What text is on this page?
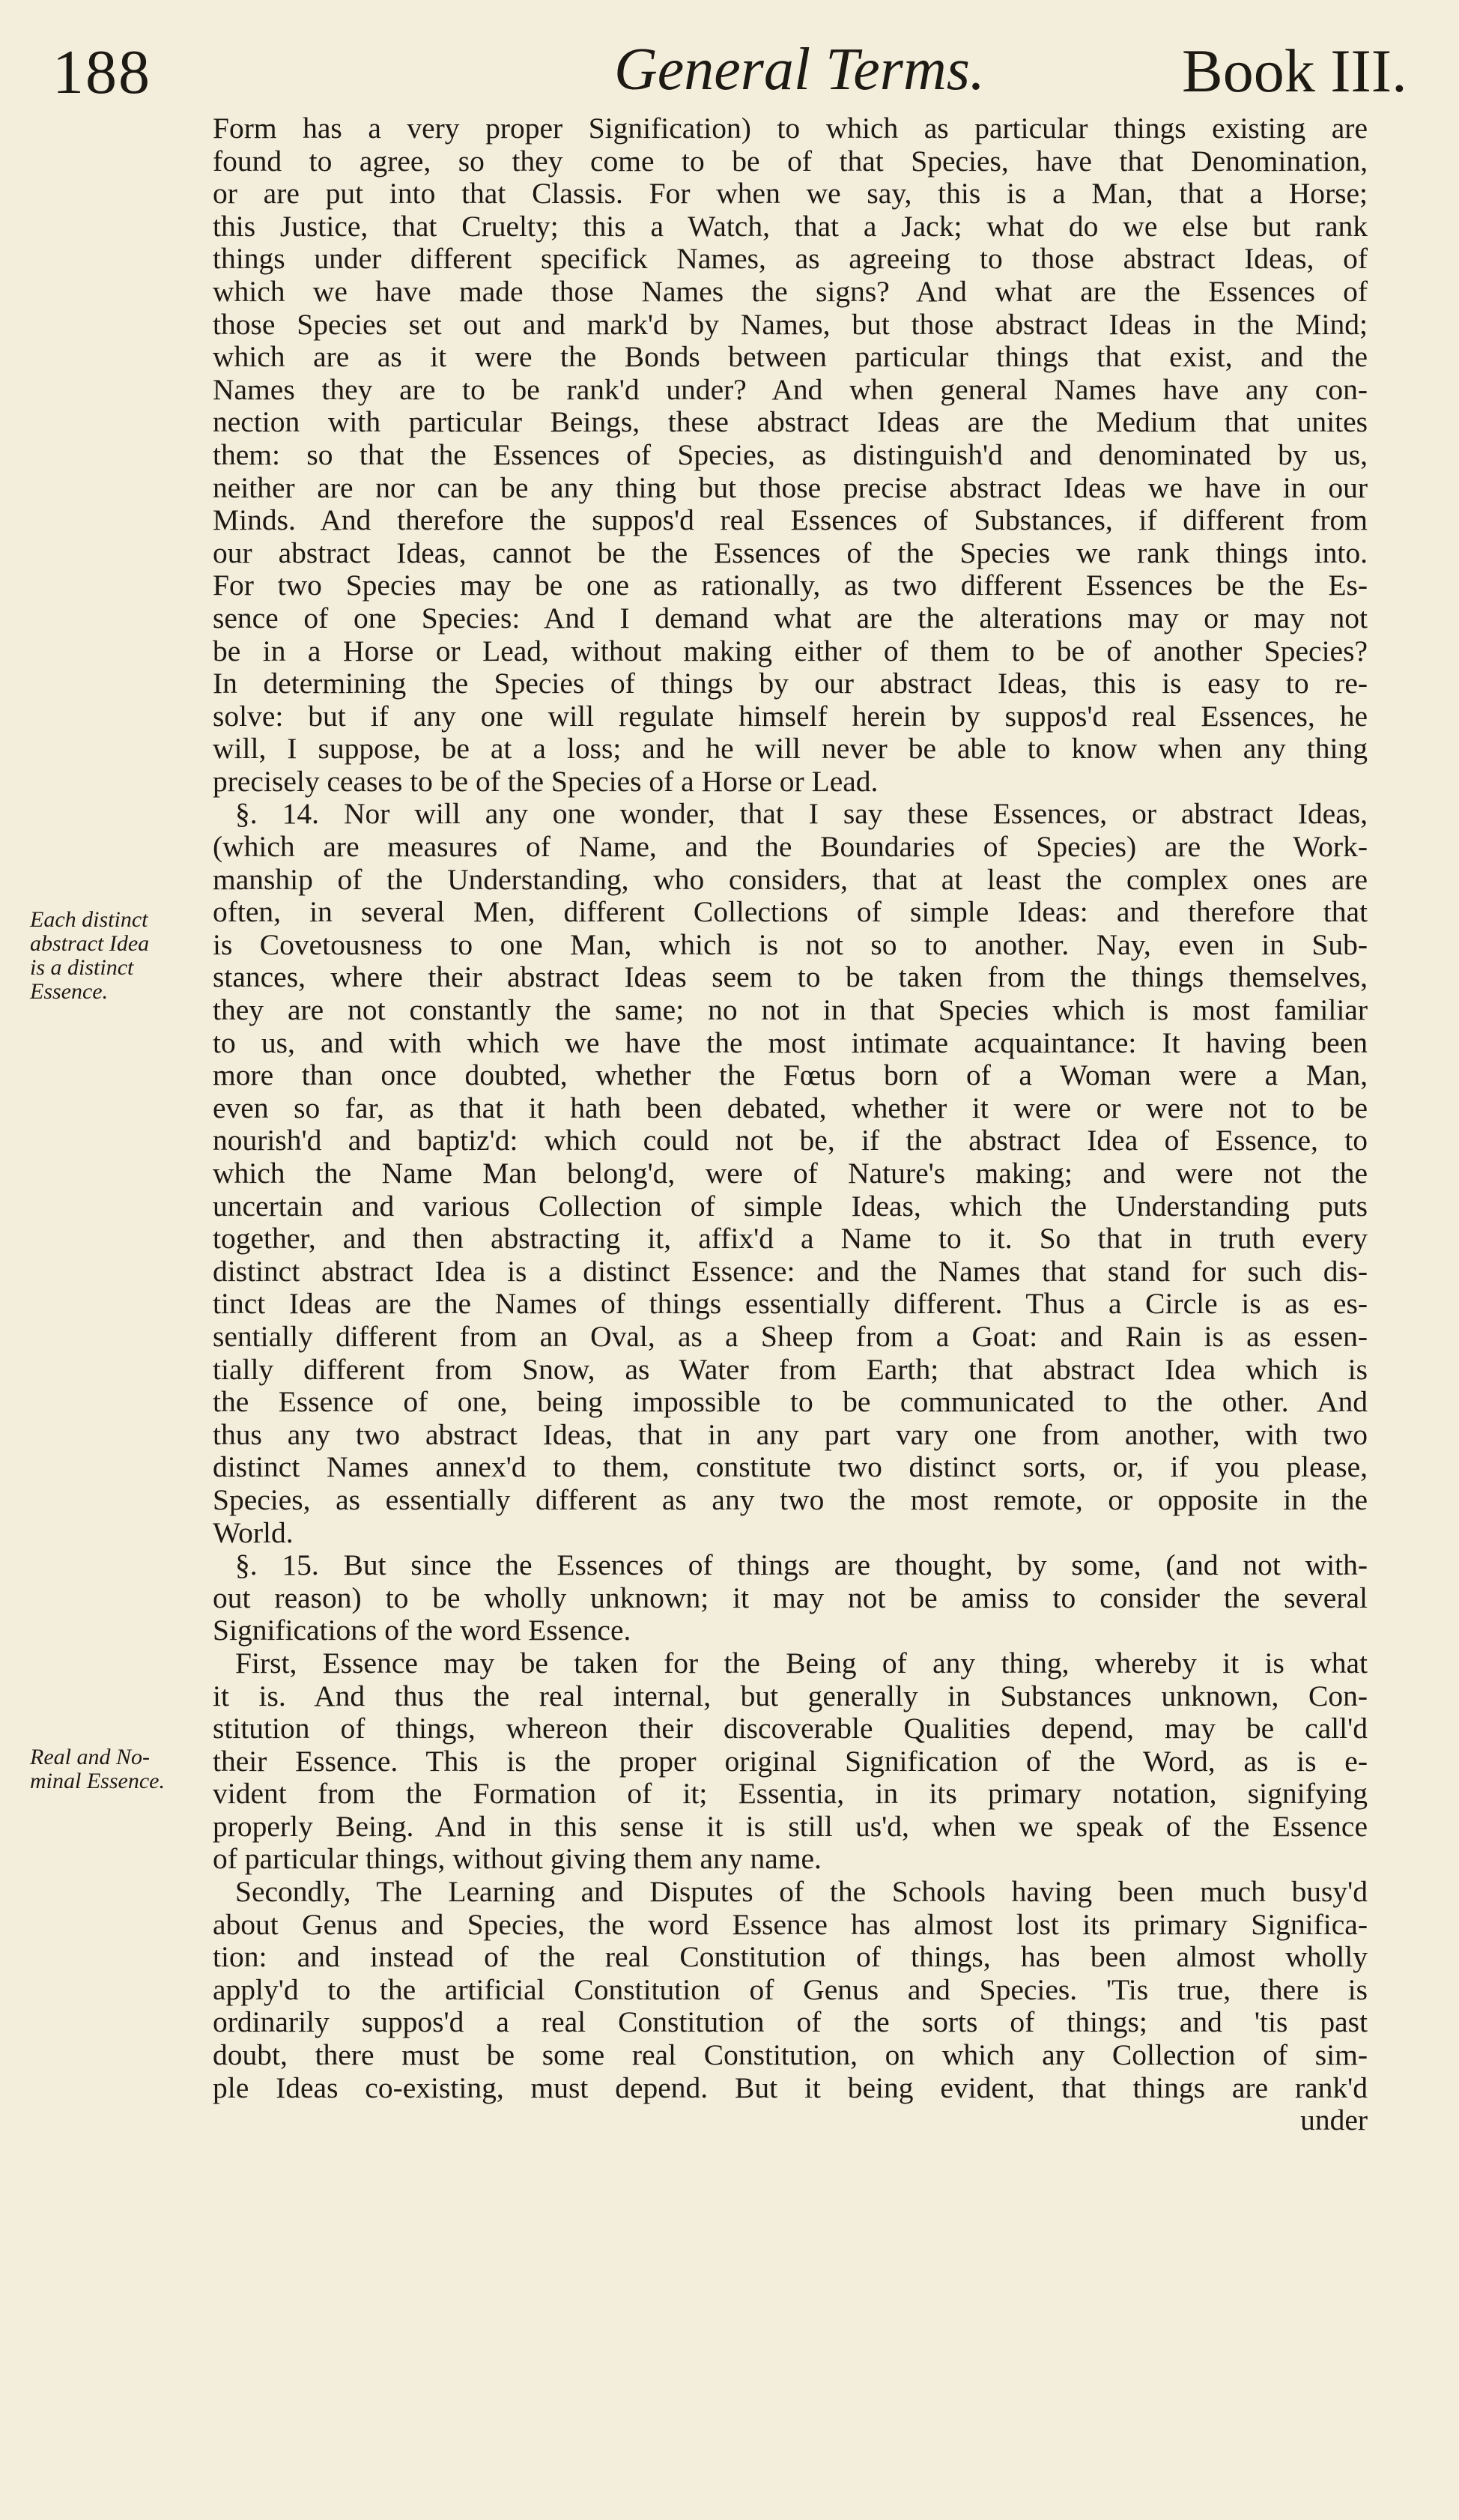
188	General Terms.	Book III.
Each distinct
abstract Idea
is a distinct
Essence.
Real and No-
minal Essence.
Form has a very proper Signification) to which as particular things existing are
found to agree, so they come to be of that Species, have that Denomination,
or are put into that Classis. For when we say, this is a Man, that a Horse;
this Justice, that Cruelty; this a Watch, that a Jack; what do we else but rank
things under different specifick Names, as agreeing to those abstract Ideas, of
which we have made those Names the signs? And what are the Essences of
those Species set out and mark'd by Names, but those abstract Ideas in the Mind;
which are as it were the Bonds between particular things that exist, and the
Names they are to be rank'd under? And when general Names have any con-
nection with particular Beings, these abstract Ideas are the Medium that unites
them: so that the Essences of Species, as distinguish'd and denominated by us,
neither are nor can be any thing but those precise abstract Ideas we have in our
Minds. And therefore the suppos'd real Essences of Substances, if different from
our abstract Ideas, cannot be the Essences of the Species we rank things into.
For two Species may be one as rationally, as two different Essences be the Es-
sence of one Species: And I demand what are the alterations may or may not
be in a Horse or Lead, without making either of them to be of another Species?
In determining the Species of things by our abstract Ideas, this is easy to re-
solve: but if any one will regulate himself herein by suppos'd real Essences, he
will, I suppose, be at a loss; and he will never be able to know when any thing
precisely ceases to be of the Species of a Horse or Lead.
§. 14. Nor will any one wonder, that I say these Essences, or abstract Ideas,
(which are measures of Name, and the Boundaries of Species) are the Work-
manship of the Understanding, who considers, that at least the complex ones are
often, in several Men, different Collections of simple Ideas: and therefore that
is Covetousness to one Man, which is not so to another. Nay, even in Sub-
stances, where their abstract Ideas seem to be taken from the things themselves,
they are not constantly the same; no not in that Species which is most familiar
to us, and with which we have the most intimate acquaintance: It having been
more than once doubted, whether the Fœtus born of a Woman were a Man,
even so far, as that it hath been debated, whether it were or were not to be
nourish'd and baptiz'd: which could not be, if the abstract Idea of Essence, to
which the Name Man belong'd, were of Nature's making; and were not the
uncertain and various Collection of simple Ideas, which the Understanding puts
together, and then abstracting it, affix'd a Name to it. So that in truth every
distinct abstract Idea is a distinct Essence: and the Names that stand for such dis-
tinct Ideas are the Names of things essentially different. Thus a Circle is as es-
sentially different from an Oval, as a Sheep from a Goat: and Rain is as essen-
tially different from Snow, as Water from Earth; that abstract Idea which is
the Essence of one, being impossible to be communicated to the other. And
thus any two abstract Ideas, that in any part vary one from another, with two
distinct Names annex'd to them, constitute two distinct sorts, or, if you please,
Species, as essentially different as any two the most remote, or opposite in the
World.
§. 15. But since the Essences of things are thought, by some, (and not with-
out reason) to be wholly unknown; it may not be amiss to consider the several
Significations of the word Essence.
First, Essence may be taken for the Being of any thing, whereby it is what
it is. And thus the real internal, but generally in Substances unknown, Con-
stitution of things, whereon their discoverable Qualities depend, may be call'd
their Essence. This is the proper original Signification of the Word, as is e-
vident from the Formation of it; Essentia, in its primary notation, signifying
properly Being. And in this sense it is still us'd, when we speak of the Essence
of particular things, without giving them any name.
Secondly, The Learning and Disputes of the Schools having been much busy'd
about Genus and Species, the word Essence has almost lost its primary Significa-
tion: and instead of the real Constitution of things, has been almost wholly
apply'd to the artificial Constitution of Genus and Species. 'Tis true, there is
ordinarily suppos'd a real Constitution of the sorts of things; and 'tis past
doubt, there must be some real Constitution, on which any Collection of sim-
ple Ideas co-existing, must depend. But it being evident, that things are rank'd
under
